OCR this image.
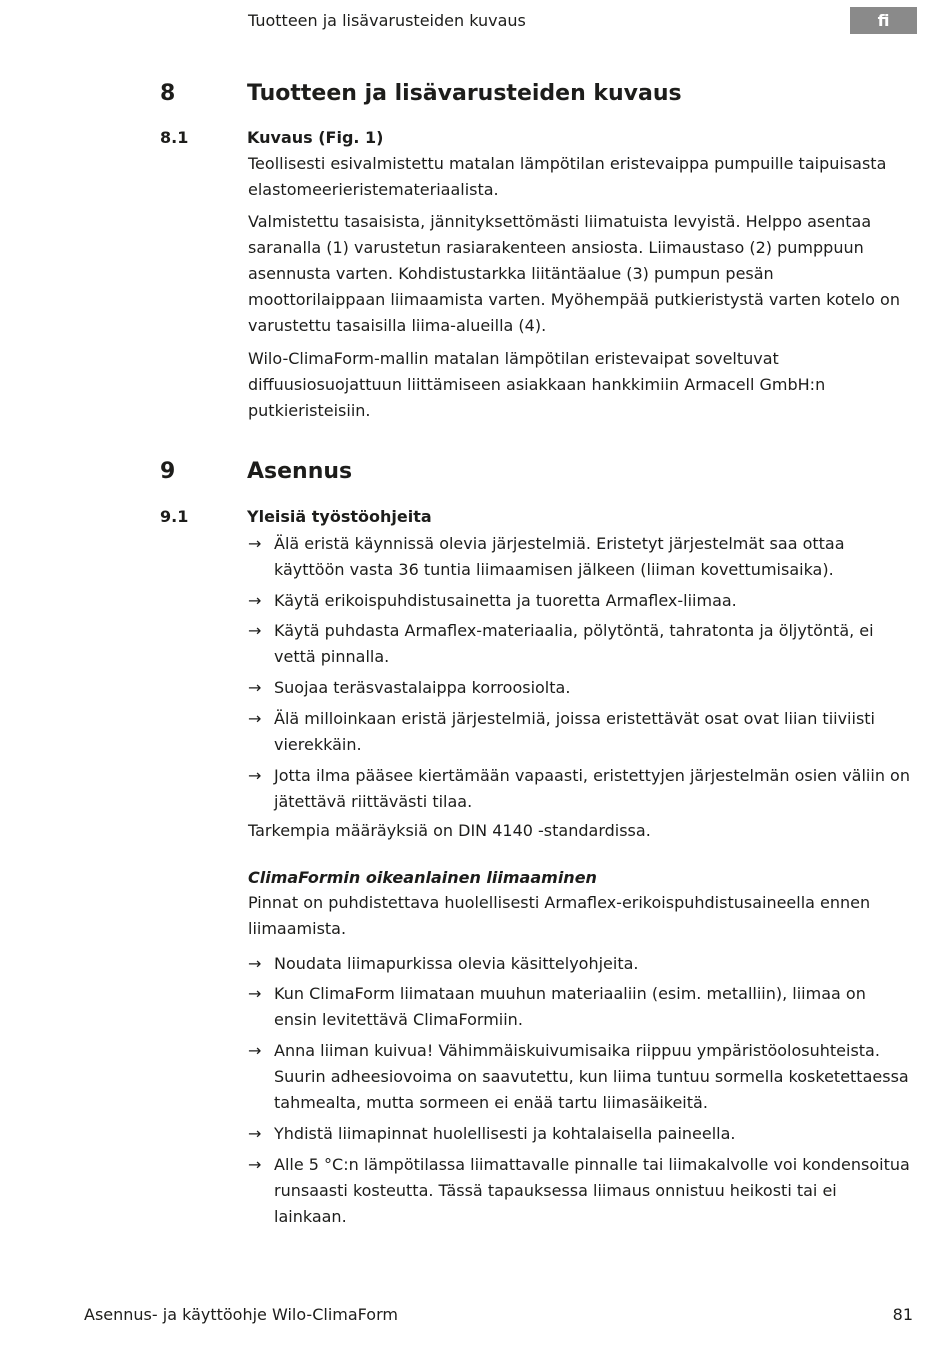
Tuotteen ja lisävarusteiden kuvaus	fi
8	Tuotteen ja lisävarusteiden kuvaus
8.1	Kuvaus (Fig. 1)

Teollisesti esivalmistettu matalan lämpötilan eristevaippa pumpuille taipuisasta elastomeerieristemateriaalista.

Valmistettu tasaisista, jännityksettömästi liimatuista levyistä. Helppo asentaa saranalla (1) varustetun rasiarakenteen ansiosta. Liimaustaso (2) pumppuun asennusta varten. Kohdistustarkka liitäntäalue (3) pumpun pesän moottorilaippaan liimaamista varten. Myöhempää putkieristystä varten kotelo on varustettu tasaisilla liima-alueilla (4).

Wilo-ClimaForm-mallin matalan lämpötilan eristevaipat soveltuvat diffuusiosuojattuun liittämiseen asiakkaan hankkimiin Armacell GmbH:n putkieristeisiin.

9	Asennus
9.1	Yleisiä työstöohjeita
→ Älä eristä käynnissä olevia järjestelmiä. Eristetyt järjestelmät saa ottaa käyttöön vasta 36 tuntia liimaamisen jälkeen (liiman kovettumisaika).
→ Käytä erikoispuhdistusainetta ja tuoretta Armaflex-liimaa.
→ Käytä puhdasta Armaflex-materiaalia, pölytöntä, tahratonta ja öljytöntä, ei vettä pinnalla.
→ Suojaa teräsvastalaippa korroosiolta.
→ Älä milloinkaan eristä järjestelmiä, joissa eristettävät osat ovat liian tiiviisti vierekkäin.
→ Jotta ilma pääsee kiertämään vapaasti, eristettyjen järjestelmän osien väliin on jätettävä riittävästi tilaa.

Tarkempia määräyksiä on DIN 4140 -standardissa.

ClimaFormin oikeanlainen liimaaminen

Pinnat on puhdistettava huolellisesti Armaflex-erikoispuhdistusaineella ennen liimaamista.

→ Noudata liimapurkissa olevia käsittelyohjeita.
→ Kun ClimaForm liimataan muuhun materiaaliin (esim. metalliin), liimaa on ensin levitettävä ClimaFormiin.
→ Anna liiman kuivua! Vähimmäiskuivumisaika riippuu ympäristöolosuhteista. Suurin adheesiovoima on saavutettu, kun liima tuntuu sormella kosketettaessa tahmealta, mutta sormeen ei enää tartu liimasäikeitä.
→ Yhdistä liimapinnat huolellisesti ja kohtalaisella paineella.
→ Alle 5 °C:n lämpötilassa liimattavalle pinnalle tai liimakalvolle voi kondensoitua runsaasti kosteutta. Tässä tapauksessa liimaus onnistuu heikosti tai ei lainkaan.
Asennus- ja käyttöohje Wilo-ClimaForm	81
